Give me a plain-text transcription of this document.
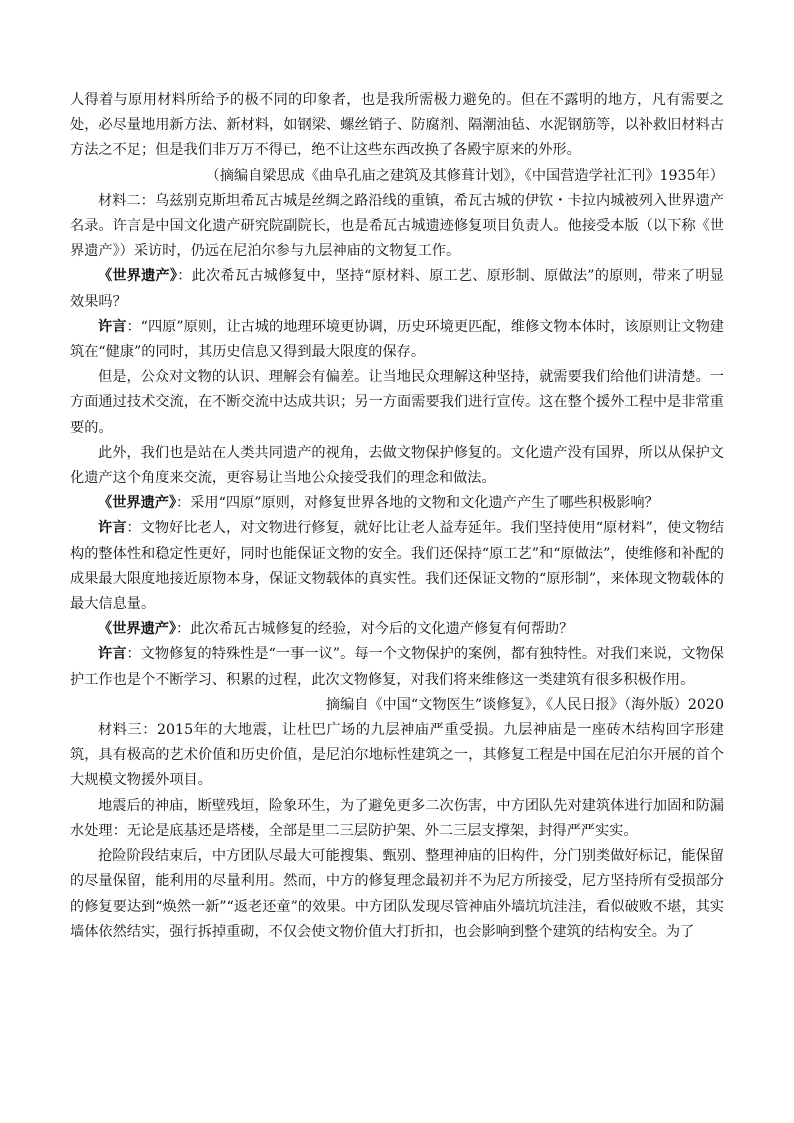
人得着与原用材料所给予的极不同的印象者，也是我所需极力避免的。但在不露明的地方，凡有需要之处，必尽量地用新方法、新材料，如钢梁、螺丝销子、防腐剂、隔潮油毡、水泥钢筋等，以补救旧材料古方法之不足；但是我们非万万不得已，绝不让这些东西改换了各殿宇原来的外形。

（摘编自梁思成《曲阜孔庙之建筑及其修葺计划》，《中国营造学社汇刊》1935年）

材料二：乌兹别克斯坦希瓦古城是丝绸之路沿线的重镇，希瓦古城的伊钦・卡拉内城被列入世界遗产名录。许言是中国文化遗产研究院副院长，也是希瓦古城遗迹修复项目负责人。他接受本版（以下称《世界遗产》）采访时，仍远在尼泊尔参与九层神庙的文物复工作。

《世界遗产》：此次希瓦古城修复中，坚持“原材料、原工艺、原形制、原做法”的原则，带来了明显效果吗？

许言：“四原”原则，让古城的地理环境更协调，历史环境更匹配，维修文物本体时，该原则让文物建筑在“健康”的同时，其历史信息又得到最大限度的保存。

但是，公众对文物的认识、理解会有偏差。让当地民众理解这种坚持，就需要我们给他们讲清楚。一方面通过技术交流，在不断交流中达成共识；另一方面需要我们进行宣传。这在整个援外工程中是非常重要的。

此外，我们也是站在人类共同遗产的视角，去做文物保护修复的。文化遗产没有国界，所以从保护文化遗产这个角度来交流，更容易让当地公众接受我们的理念和做法。

《世界遗产》：采用“四原”原则，对修复世界各地的文物和文化遗产产生了哪些积极影响？

许言：文物好比老人，对文物进行修复，就好比让老人益寿延年。我们坚持使用“原材料”，使文物结构的整体性和稳定性更好，同时也能保证文物的安全。我们还保持“原工艺”和“原做法”，使维修和补配的成果最大限度地接近原物本身，保证文物载体的真实性。我们还保证文物的“原形制”，来体现文物载体的最大信息量。

《世界遗产》：此次希瓦古城修复的经验，对今后的文化遗产修复有何帮助？

许言：文物修复的特殊性是“一事一议”。每一个文物保护的案例，都有独特性。对我们来说，文物保护工作也是个不断学习、积累的过程，此次文物修复，对我们将来维修这一类建筑有很多积极作用。

摘编自《中国“文物医生”谈修复》，《人民日报》（海外版）2020

材料三：2015年的大地震，让杜巴广场的九层神庙严重受损。九层神庙是一座砖木结构回字形建筑，具有极高的艺术价值和历史价值，是尼泊尔地标性建筑之一，其修复工程是中国在尼泊尔开展的首个大规模文物援外项目。

地震后的神庙，断壁残垣，险象环生，为了避免更多二次伤害，中方团队先对建筑体进行加固和防漏水处理：无论是底基还是塔楼，全部是里二三层防护架、外二三层支撑架，封得严严实实。

抢险阶段结束后，中方团队尽最大可能搜集、甄别、整理神庙的旧构件，分门别类做好标记，能保留的尽量保留，能利用的尽量利用。然而，中方的修复理念最初并不为尼方所接受，尼方坚持所有受损部分的修复要达到“焕然一新”“返老还童”的效果。中方团队发现尽管神庙外墙坑坑洼洼，看似破败不堪，其实墙体依然结实，强行拆掉重砌，不仅会使文物价值大打折扣，也会影响到整个建筑的结构安全。为了
